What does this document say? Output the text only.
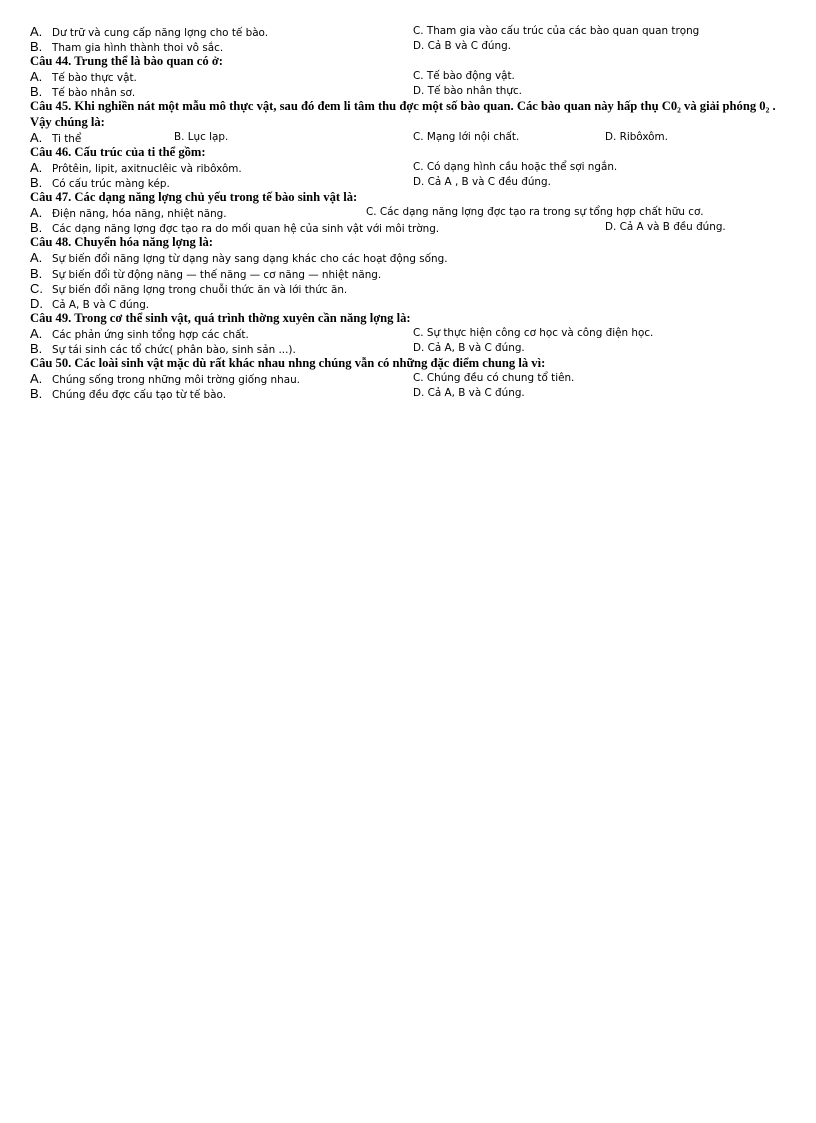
A. Dư trữ và cung cấp năng lợng cho tế bào.	C. Tham gia vào cấu trúc của các bào quan quan trọng
B. Tham gia hình thành thoi vô sắc.	D. Cả B và C đúng.
Câu 44. Trung thể là bào quan có ở:
A. Tế bào thực vật.	C. Tế bào động vật.
B. Tế bào nhân sơ.	D. Tế bào nhân thực.
Câu 45. Khi nghiền nát một mẫu mô thực vật, sau đó đem li tâm thu đợc một số bào quan. Các bào quan này hấp thụ C0₂ và giải phóng 0₂ . Vậy chúng là:
A. Ti thể	B. Lục lạp.	C. Mạng lới nội chất.	D. Ribôxôm.
Câu 46. Cấu trúc của ti thể gồm:
A. Prôtêin, lipit, axitnuclêic và ribôxôm.	C. Có dạng hình cầu hoặc thể sợi ngắn.
B. Có cấu trúc màng kép.	D. Cả A , B và C đều đúng.
Câu 47. Các dạng năng lợng chủ yếu trong tế bào sinh vật là:
A. Điện năng, hóa năng, nhiệt năng.	C. Các dạng năng lợng đợc tạo ra trong sự tổng hợp chất hữu cơ.
B. Các dạng năng lợng đợc tạo ra do mối quan hệ của sinh vật với môi trờng.	D. Cả A và B đều đúng.
Câu 48. Chuyển hóa năng lợng là:
A. Sự biến đổi năng lợng từ dạng này sang dạng khác cho các hoạt động sống.
B. Sự biến đổi từ động năng — thế năng — cơ năng — nhiệt năng.
C. Sự biến đổi năng lợng trong chuỗi thức ăn và lới thức ăn.
D. Cả A, B và C đúng.
Câu 49. Trong cơ thể sinh vật, quá trình thờng xuyên cần năng lợng là:
A. Các phản ứng sinh tổng hợp các chất.	C. Sự thực hiện công cơ học và công điện học.
B. Sự tái sinh các tổ chức( phân bào, sinh sản ...).	D. Cả A, B và C đúng.
Câu 50. Các loài sinh vật mặc dù rất khác nhau nhng chúng vẫn có những đặc điểm chung là vì:
A. Chúng sống trong những môi trờng giống nhau.	C. Chúng đều có chung tổ tiên.
B. Chúng đều đợc cấu tạo từ tế bào.	D. Cả A, B và C đúng.
